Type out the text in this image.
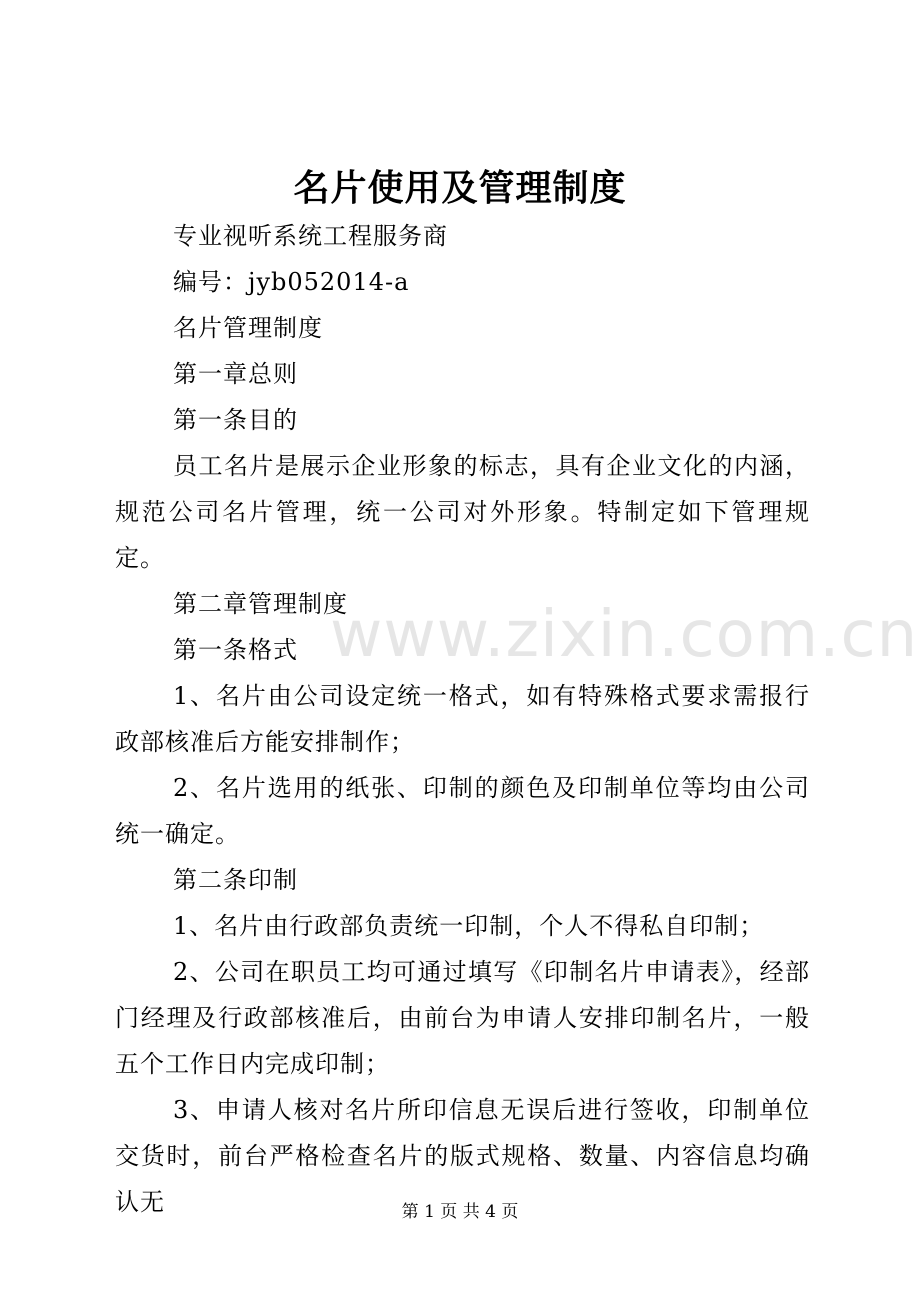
www.zixin.com.cn
名片使用及管理制度

专业视听系统工程服务商

编号：jyb052014-a

名片管理制度

第一章总则

第一条目的

员工名片是展示企业形象的标志，具有企业文化的内涵，规范公司名片管理，统一公司对外形象。特制定如下管理规定。

第二章管理制度

第一条格式

1、名片由公司设定统一格式，如有特殊格式要求需报行政部核准后方能安排制作；

2、名片选用的纸张、印制的颜色及印制单位等均由公司统一确定。

第二条印制

1、名片由行政部负责统一印制，个人不得私自印制；

2、公司在职员工均可通过填写《印制名片申请表》，经部门经理及行政部核准后，由前台为申请人安排印制名片，一般五个工作日内完成印制；

3、申请人核对名片所印信息无误后进行签收，印制单位交货时，前台严格检查名片的版式规格、数量、内容信息均确认无	第 1 页 共 4 页
